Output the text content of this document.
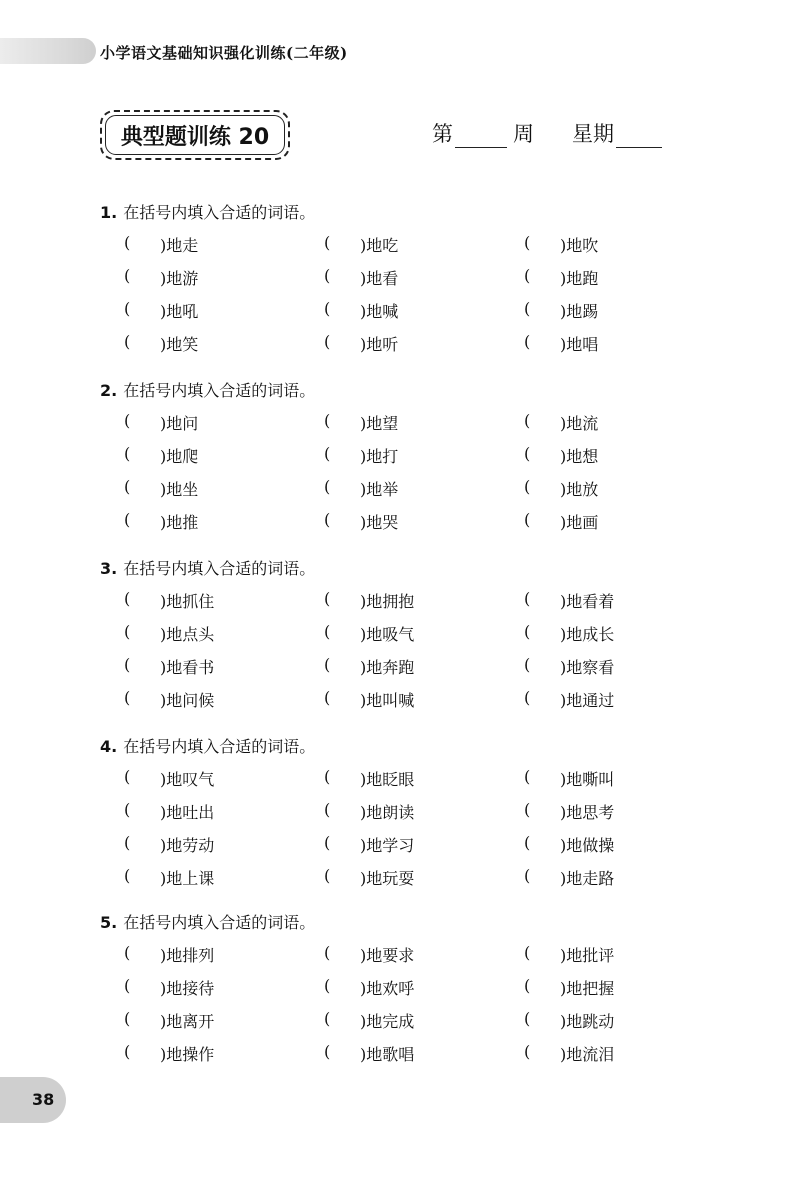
小学语文基础知识强化训练(二年级)
典型题训练 20	第	周 星期
1. 在括号内填入合适的词语。
(	)地走	(	)地吃	(	)地吹
(	)地游	(	)地看	(	)地跑
(	)地吼	(	)地喊	(	)地踢
(	)地笑	(	)地听	(	)地唱
2. 在括号内填入合适的词语。
(	)地问	(	)地望	(	)地流
(	)地爬	(	)地打	(	)地想
(	)地坐	(	)地举	(	)地放
(	)地推	(	)地哭	(	)地画
3. 在括号内填入合适的词语。
(	)地抓住	(	)地拥抱	(	)地看着
(	)地点头	(	)地吸气	(	)地成长
(	)地看书	(	)地奔跑	(	)地察看
(	)地问候	(	)地叫喊	(	)地通过
4. 在括号内填入合适的词语。
(	)地叹气	(	)地眨眼	(	)地嘶叫
(	)地吐出	(	)地朗读	(	)地思考
(	)地劳动	(	)地学习	(	)地做操
(	)地上课	(	)地玩耍	(	)地走路
5. 在括号内填入合适的词语。
(	)地排列	(	)地要求	(	)地批评
(	)地接待	(	)地欢呼	(	)地把握
(	)地离开	(	)地完成	(	)地跳动
(	)地操作	(	)地歌唱	(	)地流泪
38
